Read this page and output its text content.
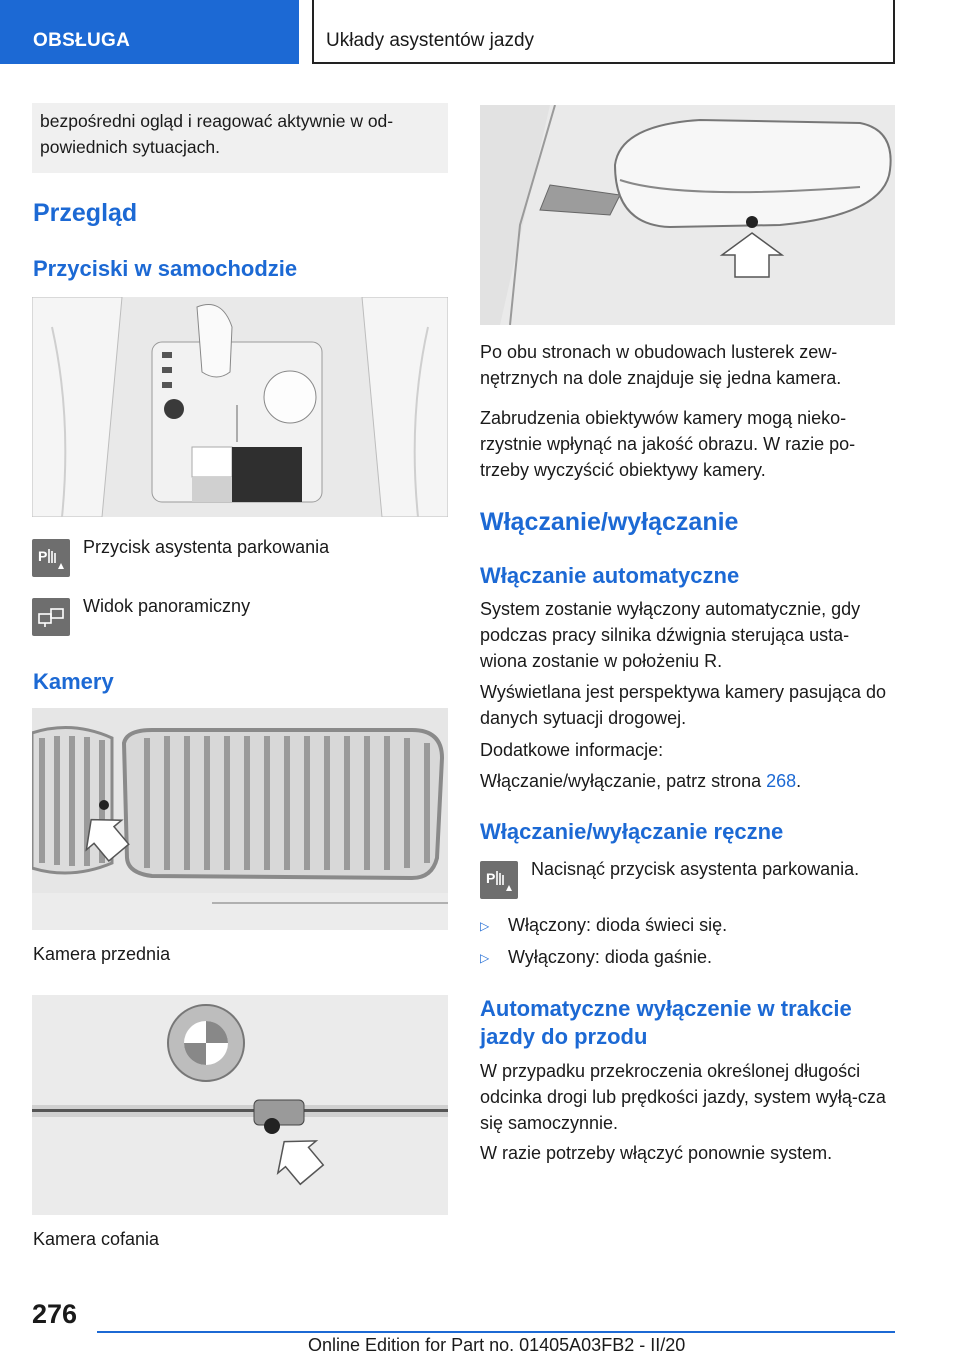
OBSŁUGA	Układy asystentów jazdy
bezpośredni ogląd i reagować aktywnie w od-powiednich sytuacjach.
Przegląd
Przyciski w samochodzie
P Przycisk asystenta parkowania
Widok panoramiczny
Kamery
Kamera przednia
Kamera cofania
Po obu stronach w obudowach lusterek zew-nętrznych na dole znajduje się jedna kamera.
Zabrudzenia obiektywów kamery mogą nieko-rzystnie wpłynąć na jakość obrazu. W razie po-trzeby wyczyścić obiektywy kamery.
Włączanie/wyłączanie
Włączanie automatyczne
System zostanie wyłączony automatycznie, gdy podczas pracy silnika dźwignia sterująca usta-wiona zostanie w położeniu R.
Wyświetlana jest perspektywa kamery pasująca do danych sytuacji drogowej.
Dodatkowe informacje:
Włączanie/wyłączanie, patrz strona 268.
Włączanie/wyłączanie ręczne
P Nacisnąć przycisk asystenta parkowania.
▷	Włączony: dioda świeci się.
▷	Wyłączony: dioda gaśnie.
Automatyczne wyłączenie w trakcie jazdy do przodu
W przypadku przekroczenia określonej długości odcinka drogi lub prędkości jazdy, system wyłą-cza się samoczynnie.
W razie potrzeby włączyć ponownie system.
276
Online Edition for Part no. 01405A03FB2 - II/20
